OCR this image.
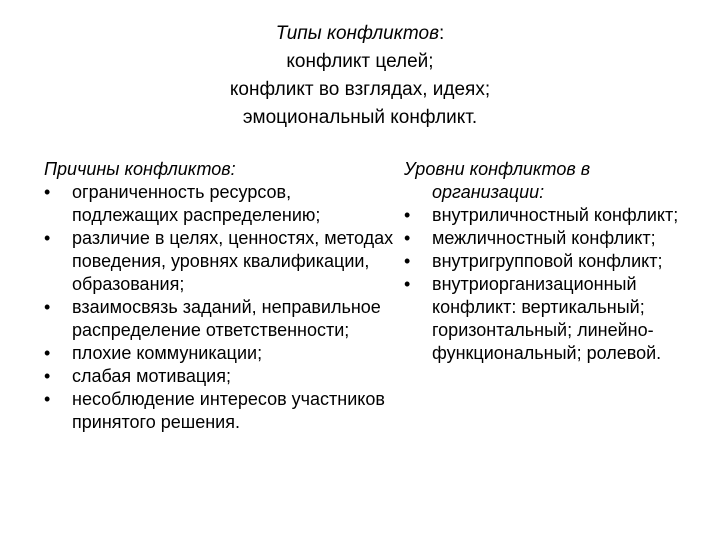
Типы конфликтов:
конфликт целей;
конфликт во взглядах, идеях;
эмоциональный конфликт.

Причины конфликтов:

•	ограниченность ресурсов, подлежащих распределению;
•	различие в целях, ценностях, методах поведения, уровнях квалификации, образования;
•	взаимосвязь заданий, неправильное распределение ответственности;
•	плохие коммуникации;
•	слабая мотивация;
•	несоблюдение интересов участников принятого решения.

Уровни конфликтов в организации:

•	внутриличностный конфликт;
•	межличностный конфликт;
•	внутригрупповой конфликт;
•	внутриорганизационный конфликт: вертикальный; горизонтальный; линейно-функциональный; ролевой.
